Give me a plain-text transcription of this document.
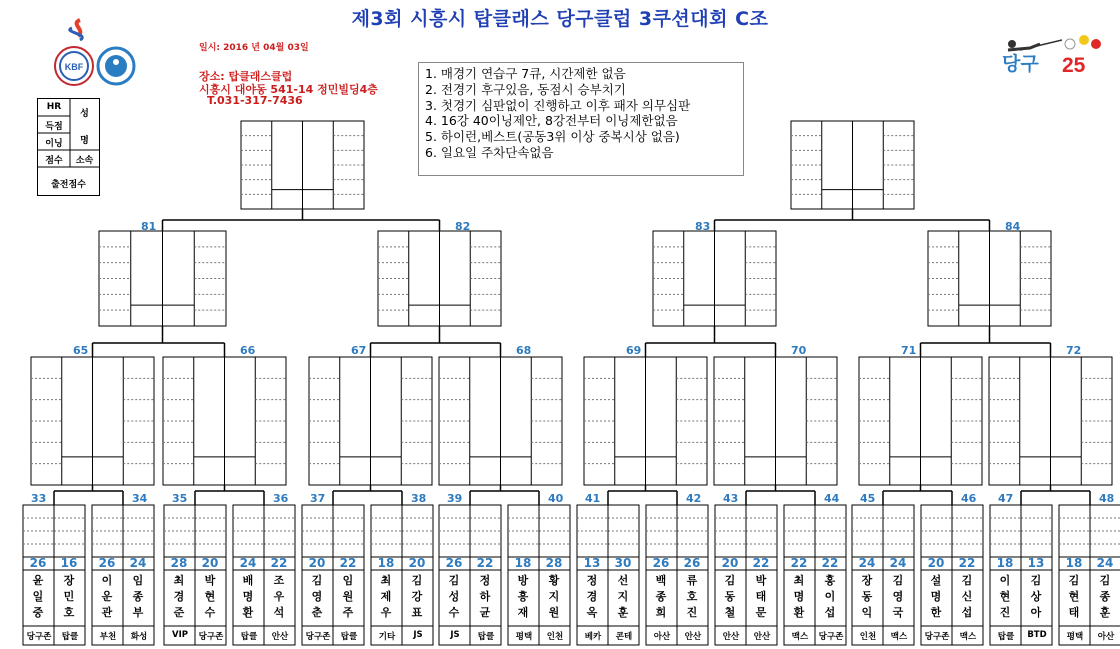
제3회 시흥시 탑클래스 당구클럽 3쿠션대회 C조
KBF
일시: 2016 년 04월 03일
장소: 탑클래스클럽
시흥시 대야동 541-14 정민빌딩4층
T.031-317-7436
1. 매경기 연습구 7큐, 시간제한 없음
2. 전경기 후구있음, 동점시 승부치기
3. 첫경기 심판없이 진행하고 이후 패자 의무심판
4. 16강 40이닝제안, 8강전부터 이닝제한없음
5. 하이런,베스트(공동3위 이상 중복시상 없음)
6. 일요일 주차단속없음
HR
득점
이닝
성
명
점수	소속
출전점수
당구 25
26
윤
일
중
당구존
16
장
민
호
탑클
33
26
이
운
관
부천
24
임
종
부
화성
34
28
최
경
준
VIP
20
박
현
수
당구존
35
24
배
명
환
탑클
22
조
우
석
안산
36
20
김
영
춘
당구존
22
임
원
주
탑클
37
18
최
제
우
기타
20
김
강
표
JS
38
26
김
성
수
JS
22
정
하
균
탑클
39
18
방
흥
재
평택
28
황
지
원
인천
40
13
정
경
옥
베카
30
선
지
훈
콘테
41
26
백
종
희
아산
26
류
호
진
안산
42
20
김
동
철
안산
22
박
태
문
안산
43
22
최
명
환
맥스
22
홍
이
섭
당구존
44
24
장
동
익
인천
24
김
영
국
맥스
45
20
설
명
한
당구존
22
김
신
섭
맥스
46
18
이
현
진
탑클
13
김
상
아
BTD
47
18
김
현
태
평택
24
김
종
훈
아산
48
65	66	67	68	69	70	71	72
81	82	83	84
